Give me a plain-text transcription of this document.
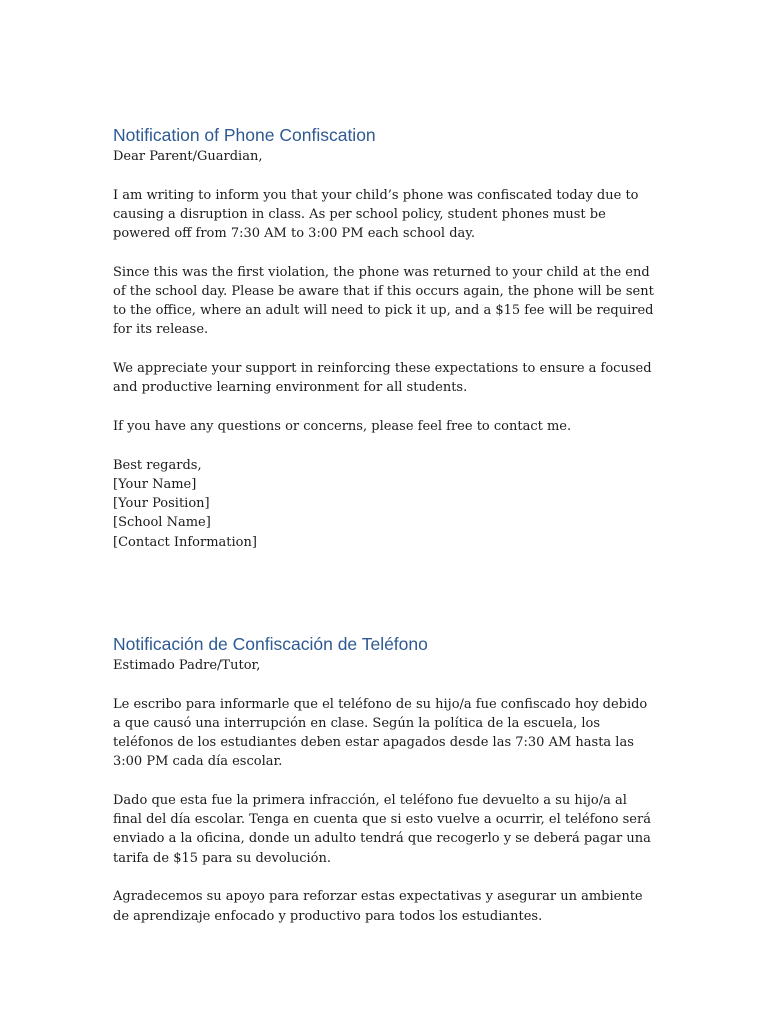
Notification of Phone Confiscation

Dear Parent/Guardian,

I am writing to inform you that your child’s phone was confiscated today due to causing a disruption in class. As per school policy, student phones must be powered off from 7:30 AM to 3:00 PM each school day.

Since this was the first violation, the phone was returned to your child at the end of the school day. Please be aware that if this occurs again, the phone will be sent to the office, where an adult will need to pick it up, and a $15 fee will be required for its release.

We appreciate your support in reinforcing these expectations to ensure a focused and productive learning environment for all students.

If you have any questions or concerns, please feel free to contact me.

Best regards,
[Your Name]
[Your Position]
[School Name]
[Contact Information]

Notificación de Confiscación de Teléfono

Estimado Padre/Tutor,

Le escribo para informarle que el teléfono de su hijo/a fue confiscado hoy debido a que causó una interrupción en clase. Según la política de la escuela, los teléfonos de los estudiantes deben estar apagados desde las 7:30 AM hasta las 3:00 PM cada día escolar.

Dado que esta fue la primera infracción, el teléfono fue devuelto a su hijo/a al final del día escolar. Tenga en cuenta que si esto vuelve a ocurrir, el teléfono será enviado a la oficina, donde un adulto tendrá que recogerlo y se deberá pagar una tarifa de $15 para su devolución.

Agradecemos su apoyo para reforzar estas expectativas y asegurar un ambiente de aprendizaje enfocado y productivo para todos los estudiantes.
